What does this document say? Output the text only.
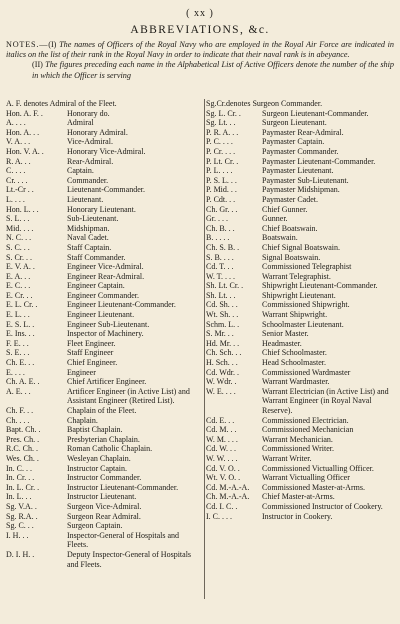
( xx )
ABBREVIATIONS, &c.

NOTES.—(I) The names of Officers of the Royal Navy who are employed in the Royal Air Force are indicated in italics on the list of their rank in the Royal Navy in order to indicate that their naval rank is in abeyance.

(II) The figures preceding each name in the Alphabetical List of Active Officers denote the number of the ship in which the Officer is serving

A. F. denotes Admiral of the Fleet.
Hon. A. F. .	Honorary do.
A. . . .	Admiral
Hon. A. . .	Honorary Admiral.
V. A. . .	Vice-Admiral.
Hon. V. A. .	Honorary Vice-Admiral.
R. A. . .	Rear-Admiral.
C. . . .	Captain.
Cr. . . .	Commander.
Lt.-Cr . .	Lieutenant-Commander.
L. . . .	Lieutenant.
Hon. L. . .	Honorary Lieutenant.
S. L. . .	Sub-Lieutenant.
Mid. . . .	Midshipman.
N. C. . .	Naval Cadet.
S. C. . .	Staff Captain.
S. Cr. . .	Staff Commander.
E. V. A. .	Engineer Vice-Admiral.
E. A. . .	Engineer Rear-Admiral.
E. C. . .	Engineer Captain.
E. Cr. . .	Engineer Commander.
E. L. Cr. .	Engineer Lieutenant-Commander.
E. L. . .	Engineer Lieutenant.
E. S. L. .	Engineer Sub-Lieutenant.
E. Ins. . .	Inspector of Machinery.
F. E. . .	Fleet Engineer.
S. E. . .	Staff Engineer
Ch. E. . .	Chief Engineer.
E. . . .	Engineer
Ch. A. E. .	Chief Artificer Engineer.
A. E. . .	Artificer Engineer (in Active List) and Assistant Engineer (Retired List).
Ch. F. . .	Chaplain of the Fleet.
Ch. . . .	Chaplain.
Bapt. Ch. .	Baptist Chaplain.
Pres. Ch. .	Presbyterian Chaplain.
R.C. Ch. .	Roman Catholic Chaplain.
Wes. Ch. .	Wesleyan Chaplain.
In. C. . .	Instructor Captain.
In. Cr. . .	Instructor Commander.
In. L. Cr. .	Instructor Lieutenant-Commander.
In. L. . .	Instructor Lieutenant.
Sg. V.A. .	Surgeon Vice-Admiral.
Sg. R.A. .	Surgeon Rear Admiral.
Sg. C. . .	Surgeon Captain.
I. H. . .	Inspector-General of Hospitals and Fleets.
D. I. H. .	Deputy Inspector-General of Hospitals and Fleets.
Sg.Cr.denotes Surgeon Commander.
Sg. L. Cr. .	Surgeon Lieutenant-Commander.
Sg. Lt. . .	Surgeon Lieutenant.
P. R. A. . .	Paymaster Rear-Admiral.
P. C. . . .	Paymaster Captain.
P. Cr. . . .	Paymaster Commander.
P. Lt. Cr. .	Paymaster Lieutenant-Commander.
P. L. . . .	Paymaster Lieutenant.
P. S. L. . .	Paymaster Sub-Lieutenant.
P. Mid. . .	Paymaster Midshipman.
P. Cdt. . .	Paymaster Cadet.
Ch. Gr. . .	Chief Gunner.
Gr. . . .	Gunner.
Ch. B. . .	Chief Boatswain.
B. . . . .	Boatswain.
Ch. S. B. .	Chief Signal Boatswain.
S. B. . . .	Signal Boatswain.
Cd. T. . .	Commissioned Telegraphist
W. T. . . .	Warrant Telegraphist.
Sh. Lt. Cr. .	Shipwright Lieutenant-Commander.
Sh. Lt. . .	Shipwright Lieutenant.
Cd. Sh. . .	Commissioned Shipwright.
Wt. Sh. . .	Warrant Shipwright.
Schm. L. .	Schoolmaster Lieutenant.
S. Mr. . .	Senior Master.
Hd. Mr. . .	Headmaster.
Ch. Sch. . .	Chief Schoolmaster.
H. Sch. . .	Head Schoolmaster.
Cd. Wdr. .	Commissioned Wardmaster
W. Wdr. .	Warrant Wardmaster.
W. E. . . .	Warrant Electrician (in Active List) and Warrant Engineer (in Royal Naval Reserve).
Cd. E. . .	Commissioned Electrician.
Cd. M. . .	Commissioned Mechanician
W. M. . . .	Warrant Mechanician.
Cd. W. . .	Commissioned Writer.
W. W. . . .	Warrant Writer.
Cd. V. O. .	Commissioned Victualling Officer.
Wt. V. O. .	Warrant Victualling Officer
Cd. M.-A.-A.	Commissioned Master-at-Arms.
Ch. M.-A.-A.	Chief Master-at-Arms.
Cd. I. C. .	Commissioned Instructor of Cookery.
I. C. . . .	Instructor in Cookery.
